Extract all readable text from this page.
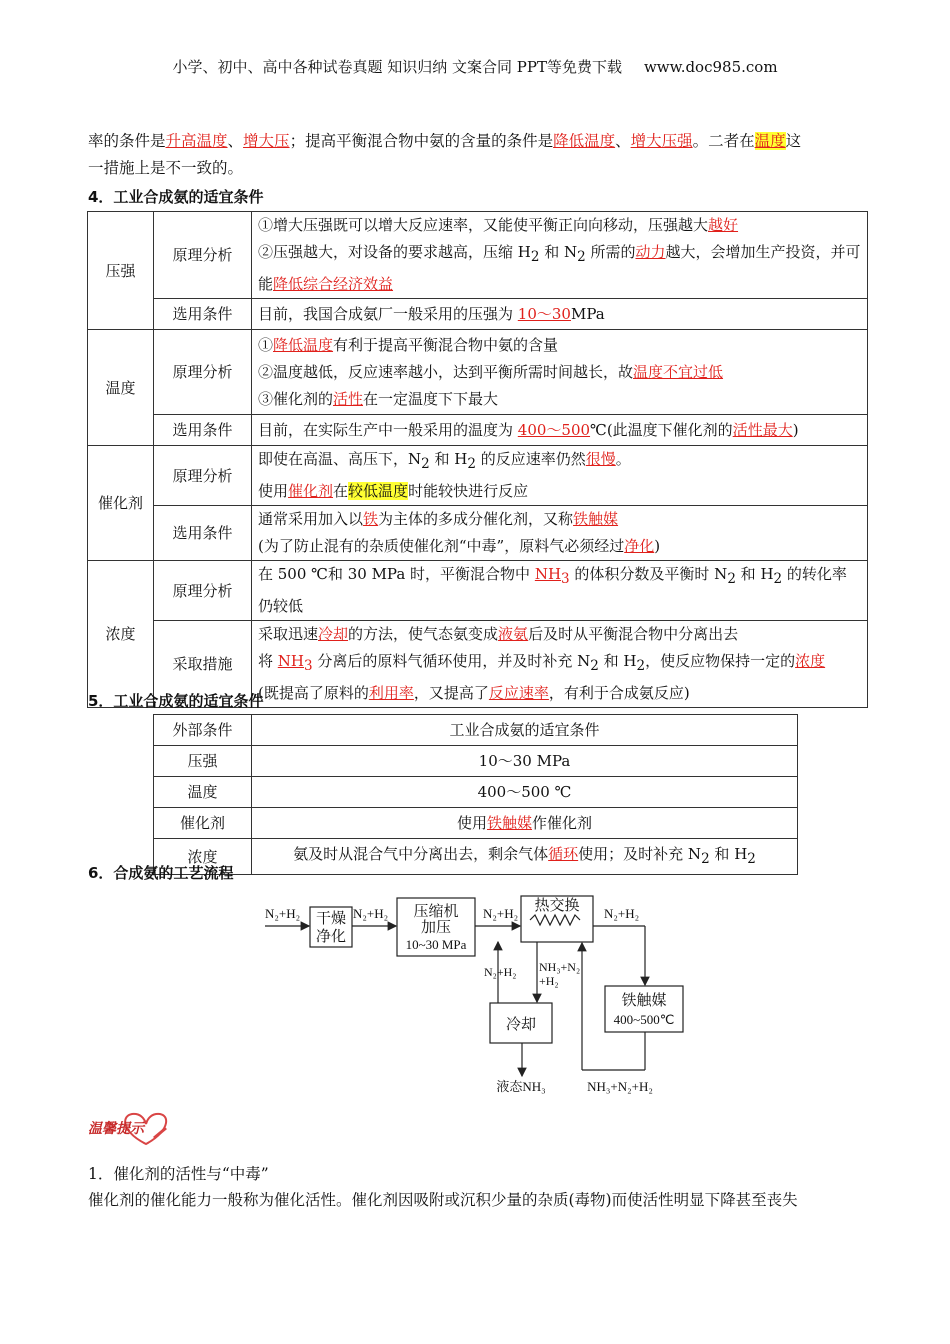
小学、初中、高中各种试卷真题 知识归纳 文案合同 PPT等免费下载 www.doc985.com
率的条件是升高温度、增大压；提高平衡混合物中氨的含量的条件是降低温度、增大压强。二者在温度这
一措施上是不一致的。
4．工业合成氨的适宜条件
压强	原理分析	①增大压强既可以增大反应速率，又能使平衡正向向移动，压强越大越好
②压强越大，对设备的要求越高，压缩 $H_2$ 和 $N_2$ 所需的动力越大，会增加生产投资，并可能降低综合经济效益
	选用条件	目前，我国合成氨厂一般采用的压强为 10～30MPa
温度	原理分析	①降低温度有利于提高平衡混合物中氨的含量
②温度越低，反应速率越小，达到平衡所需时间越长，故温度不宜过低
③催化剂的活性在一定温度下下最大
	选用条件	目前，在实际生产中一般采用的温度为 400～500℃(此温度下催化剂的活性最大)
催化剂	原理分析	即使在高温、高压下，$N_2$ 和 $H_2$ 的反应速率仍然很慢。
使用催化剂在较低温度时能较快进行反应
	选用条件	通常采用加入以铁为主体的多成分催化剂，又称铁触媒
(为了防止混有的杂质使催化剂“中毒”，原料气必须经过净化)
浓度	原理分析	在 500 ℃和 30 MPa 时，平衡混合物中 $NH_3$ 的体积分数及平衡时 $N_2$ 和 $H_2$ 的转化率仍较低
	采取措施	采取迅速冷却的方法，使气态氨变成液氨后及时从平衡混合物中分离出去
将 $NH_3$ 分离后的原料气循环使用，并及时补充 $N_2$ 和 $H_2$，使反应物保持一定的浓度
(既提高了原料的利用率，又提高了反应速率，有利于合成氨反应)
5．工业合成氨的适宜条件
外部条件	工业合成氨的适宜条件
压强	10～30 MPa
温度	400～500 ℃
催化剂	使用铁触媒作催化剂
浓度	氨及时从混合气中分离出去，剩余气体循环使用；及时补充 $N_2$ 和 $H_2$
6．合成氨的工艺流程
N₂+H₂ 干燥
净化
N₂+H₂ 压缩机
加压
10~30 MPa
N₂+H₂ 热交换 N₂+H₂
铁触媒
400~500℃
N₂+H₂ NH₃+N₂
+H₂
冷却
液态NH₃	NH₃+N₂+H₂
温馨提示
1．催化剂的活性与“中毒”
催化剂的催化能力一般称为催化活性。催化剂因吸附或沉积少量的杂质(毒物)而使活性明显下降甚至丧失
